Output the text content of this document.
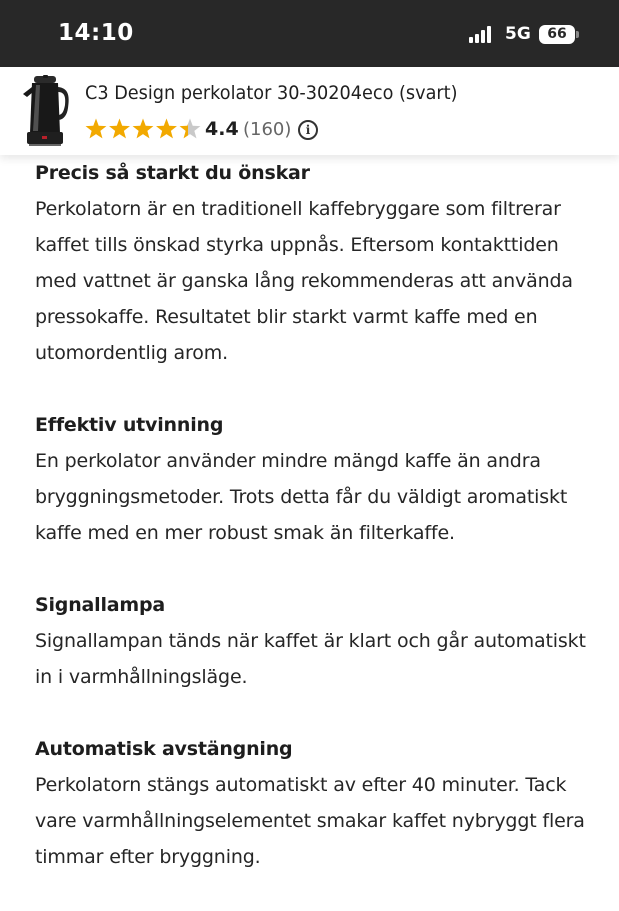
14:10	5G	66
C3 Design perkolator 30-30204eco (svart)
4.4 (160)	i
Precis så starkt du önskar

Perkolatorn är en traditionell kaffebryggare som filtrerar
kaffet tills önskad styrka uppnås. Eftersom kontakttiden
med vattnet är ganska lång rekommenderas att använda
pressokaffe. Resultatet blir starkt varmt kaffe med en
utomordentlig arom.

Effektiv utvinning

En perkolator använder mindre mängd kaffe än andra
bryggningsmetoder. Trots detta får du väldigt aromatiskt
kaffe med en mer robust smak än filterkaffe.

Signallampa

Signallampan tänds när kaffet är klart och går automatiskt
in i varmhållningsläge.

Automatisk avstängning

Perkolatorn stängs automatiskt av efter 40 minuter. Tack
vare varmhållningselementet smakar kaffet nybryggt flera
timmar efter bryggning.
